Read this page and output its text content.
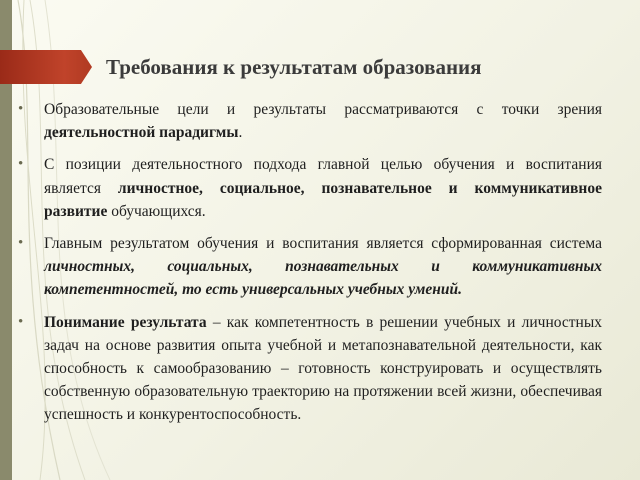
Требования к результатам образования
•	Образовательные цели и результаты рассматриваются с точки зрения деятельностной парадигмы.
•	С позиции деятельностного подхода главной целью обучения и воспитания является личностное, социальное, познавательное и коммуникативное развитие обучающихся.
•	Главным результатом обучения и воспитания является сформированная система личностных, социальных, познавательных и коммуникативных компетентностей, то есть универсальных учебных умений.
•	Понимание результата – как компетентность в решении учебных и личностных задач на основе развития опыта учебной и метапознавательной деятельности, как способность к самообразованию – готовность конструировать и осуществлять собственную образовательную траекторию на протяжении всей жизни, обеспечивая успешность и конкурентоспособность.
